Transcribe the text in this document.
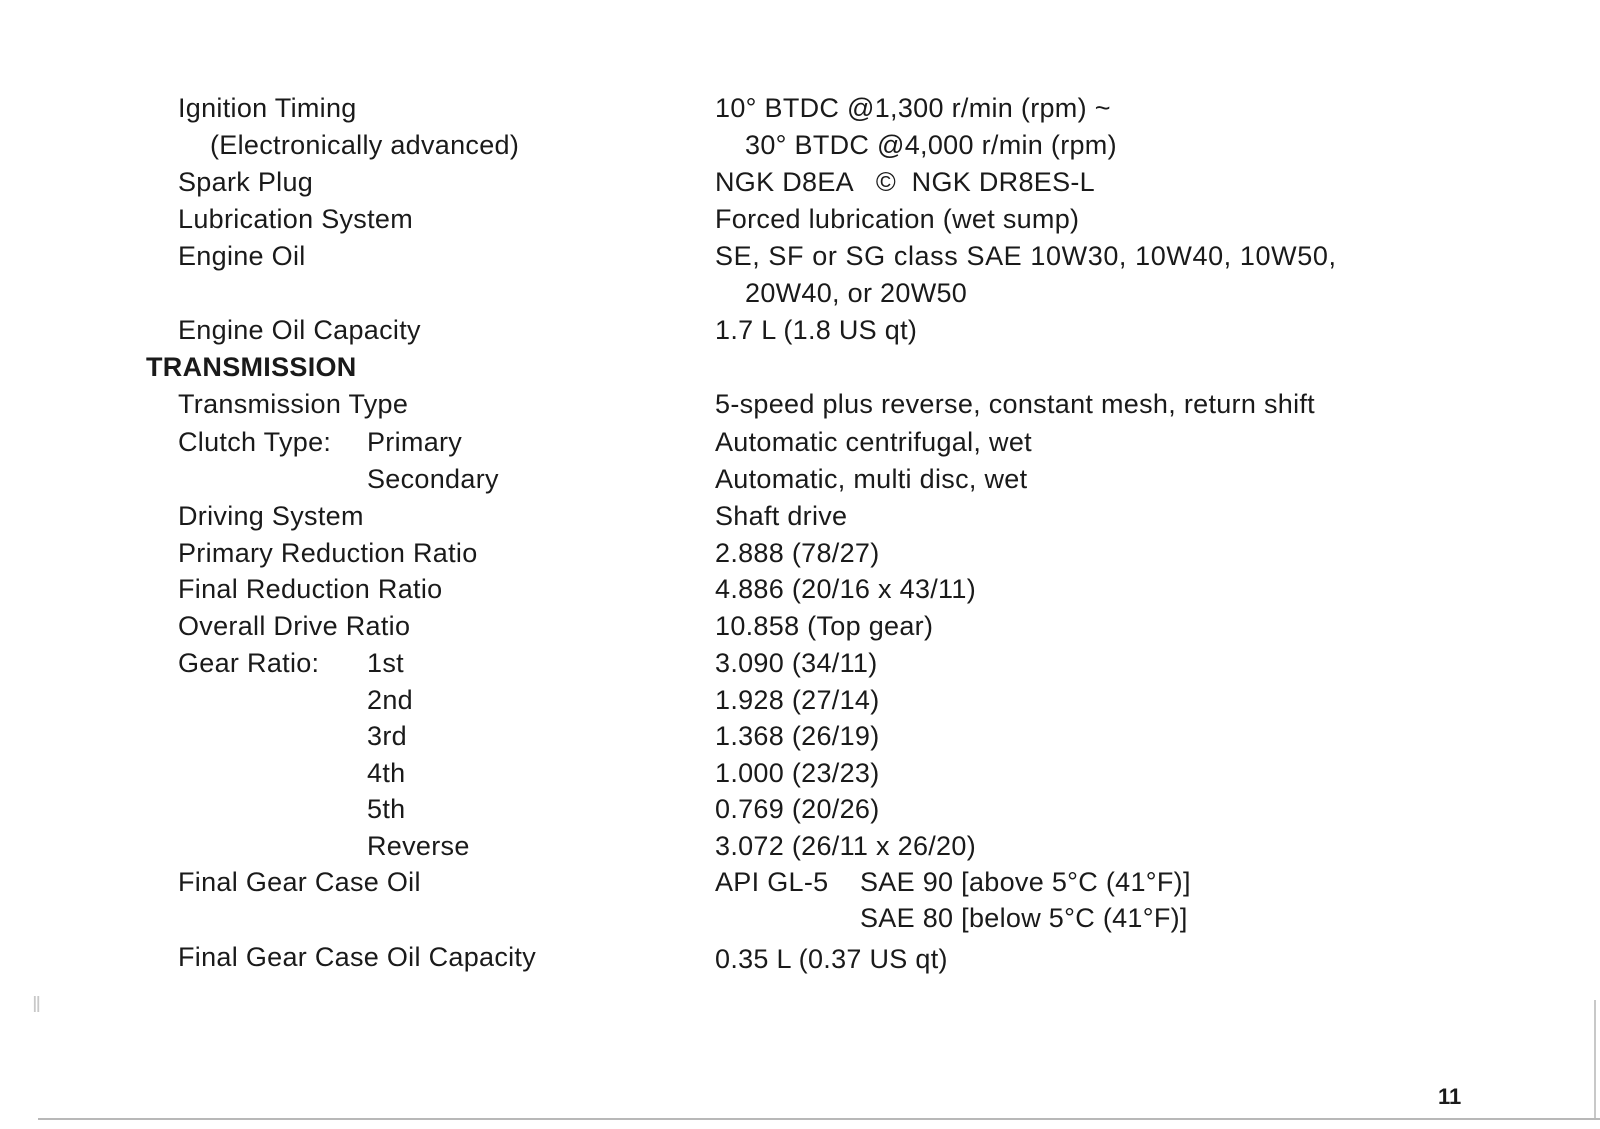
Ignition Timing	10° BTDC @1,300 r/min (rpm) ~
(Electronically advanced)	30° BTDC @4,000 r/min (rpm)
Spark Plug	NGK D8EA   ©  NGK DR8ES-L
Lubrication System	Forced lubrication (wet sump)
Engine Oil	SE, SF or SG class SAE 10W30, 10W40, 10W50,
20W40, or 20W50
Engine Oil Capacity	1.7 L (1.8 US qt)
TRANSMISSION
Transmission Type	5-speed plus reverse, constant mesh, return shift
Clutch Type: Primary	Automatic centrifugal, wet
Secondary	Automatic, multi disc, wet
Driving System	Shaft drive
Primary Reduction Ratio	2.888 (78/27)
Final Reduction Ratio	4.886 (20/16 x 43/11)
Overall Drive Ratio	10.858 (Top gear)
Gear Ratio: 1st	3.090 (34/11)
2nd	1.928 (27/14)
3rd	1.368 (26/19)
4th	1.000 (23/23)
5th	0.769 (20/26)
Reverse	3.072 (26/11 x 26/20)
Final Gear Case Oil	API GL-5 SAE 90 [above 5°C (41°F)]
SAE 80 [below 5°C (41°F)]
Final Gear Case Oil Capacity	0.35 L (0.37 US qt)
ǁ
11
